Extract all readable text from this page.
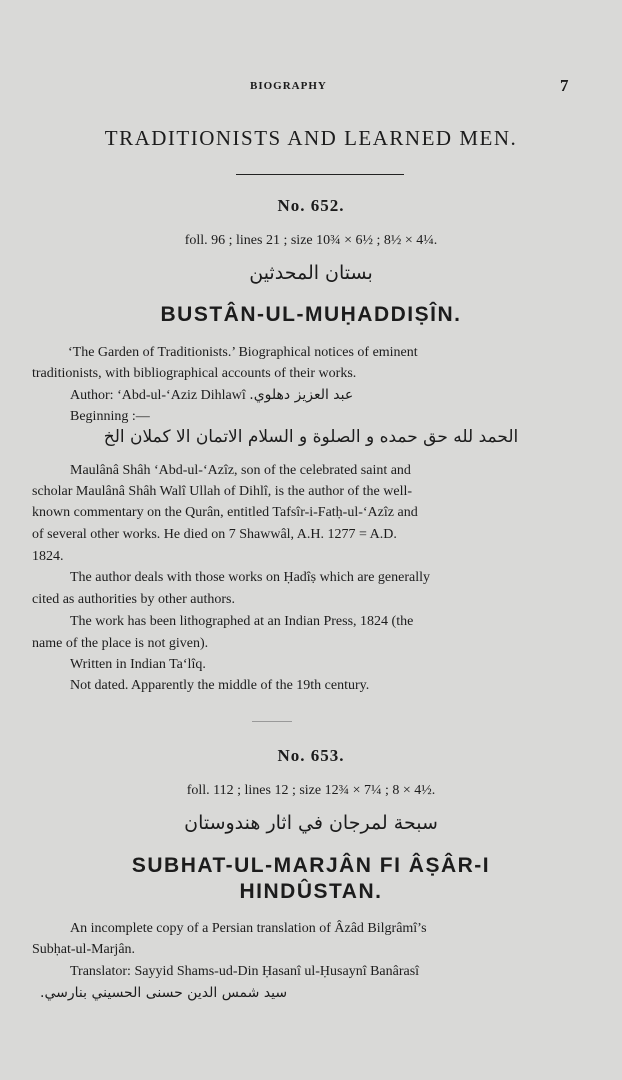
BIOGRAPHY	7
TRADITIONISTS AND LEARNED MEN.
No. 652.
foll. 96 ; lines 21 ; size 10¾ × 6½ ; 8½ × 4¼.
بستان المحدثين
BUSTÂN-UL-MUḤADDIṢÎN.
‘The Garden of Traditionists.’ Biographical notices of eminent
traditionists, with bibliographical accounts of their works.
Author: ‘Abd-ul-‘Aziz Dihlawî عبد العزيز دهلوي.
Beginning :—
الحمد لله حق حمده و الصلوة و السلام الاتمان الا كملان الخ
Maulânâ Shâh ‘Abd-ul-‘Azîz, son of the celebrated saint and
scholar Maulânâ Shâh Walî Ullah of Dihlî, is the author of the well-
known commentary on the Qurân, entitled Tafsîr-i-Fatḥ-ul-‘Azîz and
of several other works. He died on 7 Shawwâl, A.H. 1277 = A.D.
1824.
The author deals with those works on Ḥadîṣ which are generally
cited as authorities by other authors.
The work has been lithographed at an Indian Press, 1824 (the
name of the place is not given).
Written in Indian Ta‘lîq.
Not dated. Apparently the middle of the 19th century.
No. 653.
foll. 112 ; lines 12 ; size 12¾ × 7¼ ; 8 × 4½.
سبحة لمرجان في اثار هندوستان
SUBHAT-UL-MARJÂN FI ÂṢÂR-I
HINDÛSTAN.
An incomplete copy of a Persian translation of Âzâd Bilgrâmî’s
Subḥat-ul-Marjân.
Translator: Sayyid Shams-ud-Din Ḥasanî ul-Ḥusaynî Banârasî
سيد شمس الدين حسنى الحسيني بنارسي.
